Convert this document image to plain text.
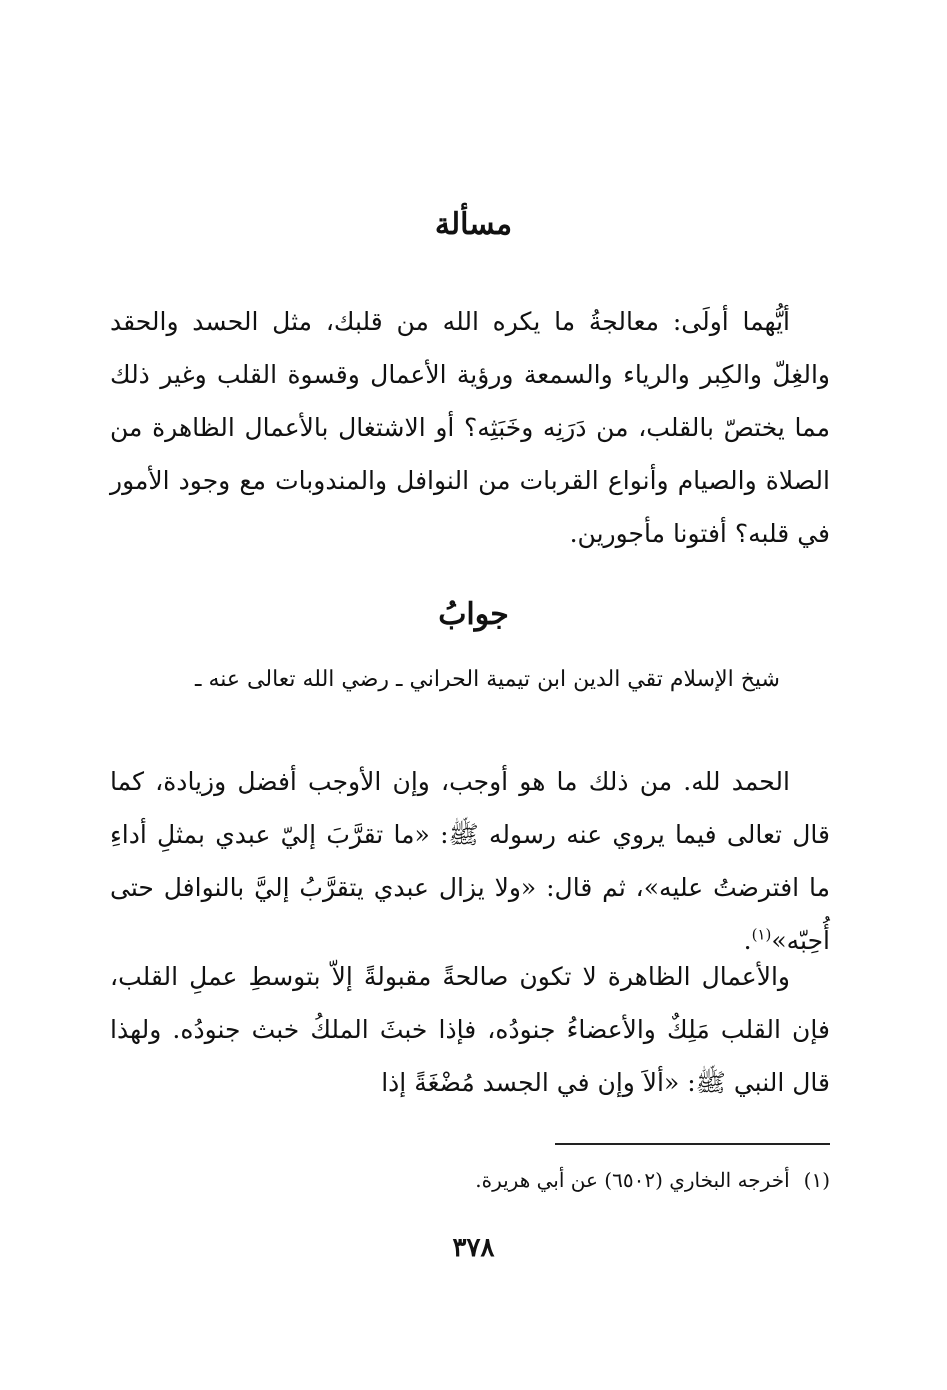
مسألة

أيُّهما أولَى: معالجةُ ما يكره الله من قلبك، مثل الحسد والحقد والغِلّ والكِبر والرياء والسمعة ورؤية الأعمال وقسوة القلب وغير ذلك مما يختصّ بالقلب، من دَرَنِه وخَبَثِه؟ أو الاشتغال بالأعمال الظاهرة من الصلاة والصيام وأنواع القربات من النوافل والمندوبات مع وجود الأمور في قلبه؟ أفتونا مأجورين.

جوابُ
شيخ الإسلام تقي الدين ابن تيمية الحراني ـ رضي الله تعالى عنه ـ

الحمد لله. من ذلك ما هو أوجب، وإن الأوجب أفضل وزيادة، كما قال تعالى فيما يروي عنه رسوله ﷺ: «ما تقرَّبَ إليّ عبدي بمثلِ أداءِ ما افترضتُ عليه»، ثم قال: «ولا يزال عبدي يتقرَّبُ إليَّ بالنوافل حتى أُحِبّه»$^{(١)}$.

والأعمال الظاهرة لا تكون صالحةً مقبولةً إلاّ بتوسطِ عملِ القلب، فإن القلب مَلِكٌ والأعضاءُ جنودُه، فإذا خبثَ الملكُ خبث جنودُه. ولهذا قال النبي ﷺ: «ألاَ وإن في الجسد مُضْغَةً إذا

(١)أخرجه البخاري (٦٥٠٢) عن أبي هريرة.
٣٧٨
